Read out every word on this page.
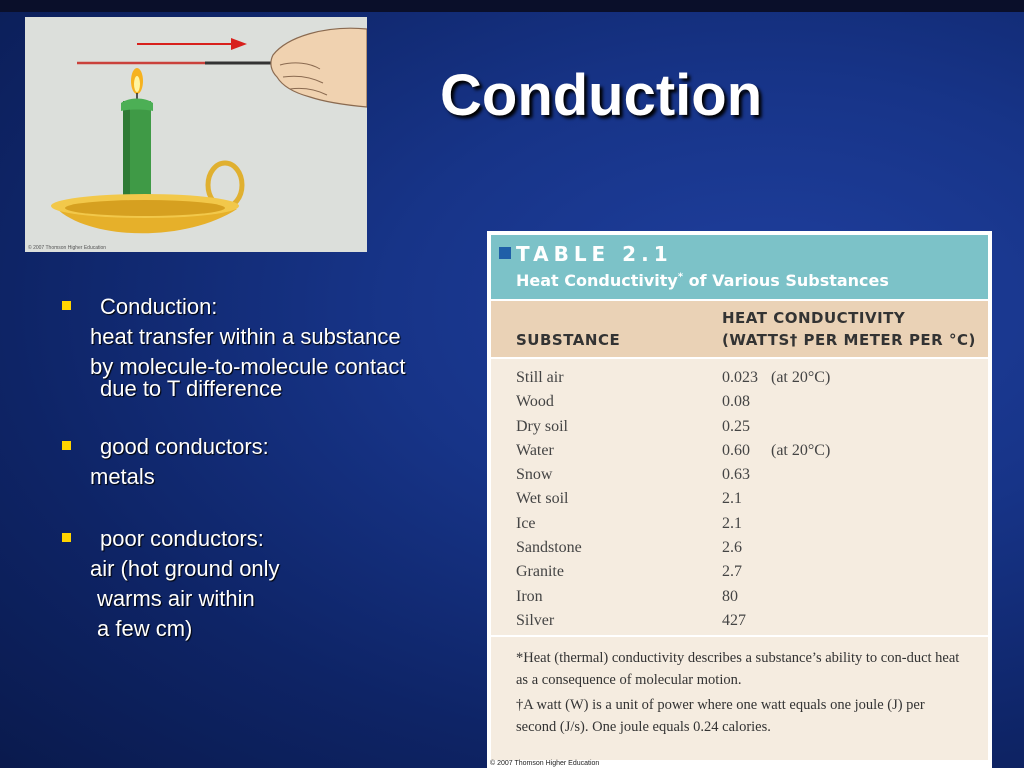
© 2007 Thomson Higher Education
Conduction
Conduction:
heat transfer within a substance
by molecule-to-molecule contact
due to T difference
good conductors:
metals
poor conductors:
air (hot ground only
warms air within
a few cm)
TABLE 2.1
Heat Conductivity* of Various Substances
SUBSTANCE
HEAT CONDUCTIVITY
(WATTS† PER METER PER °C)
Still air	0.023 (at 20°C)
Wood	0.08
Dry soil	0.25
Water	0.60 (at 20°C)
Snow	0.63
Wet soil	2.1
Ice	2.1
Sandstone	2.6
Granite	2.7
Iron	80
Silver	427

*Heat (thermal) conductivity describes a substance’s ability to con-duct heat as a consequence of molecular motion.

†A watt (W) is a unit of power where one watt equals one joule (J) per second (J/s). One joule equals 0.24 calories.

© 2007 Thomson Higher Education
